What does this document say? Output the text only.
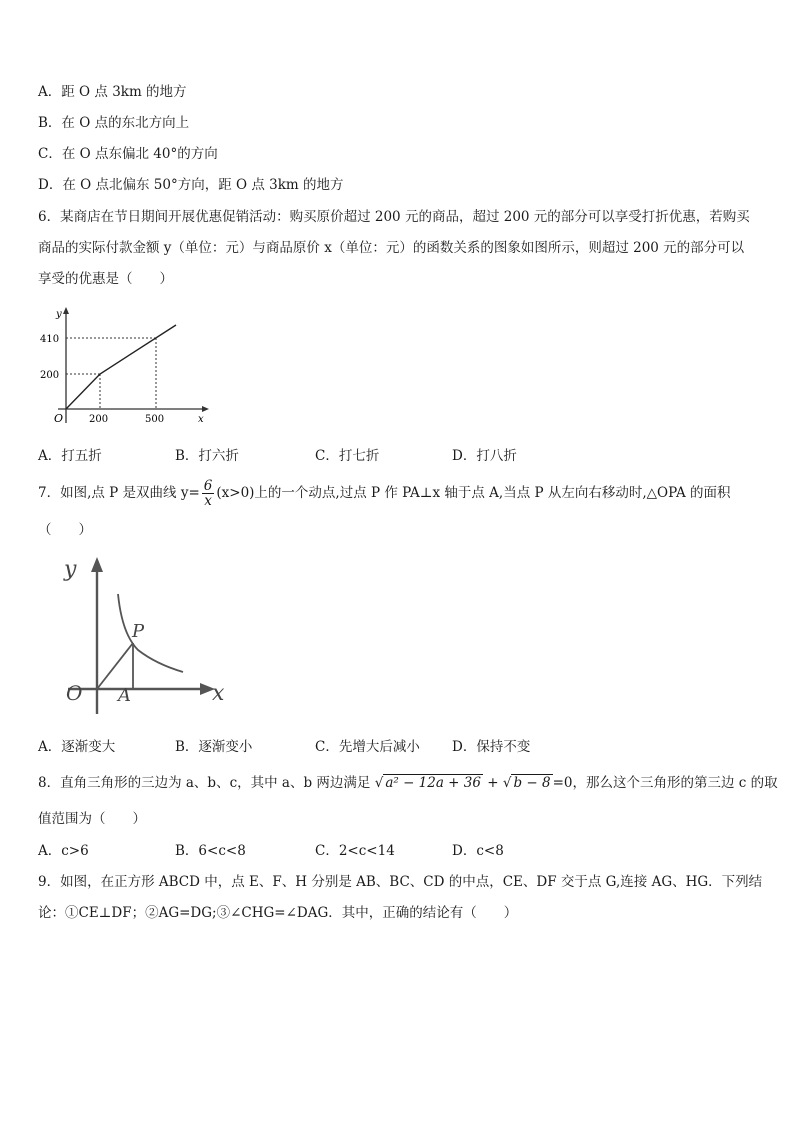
A．距 O 点 3km 的地方
B．在 O 点的东北方向上
C．在 O 点东偏北 40°的方向
D．在 O 点北偏东 50°方向，距 O 点 3km 的地方
6．某商店在节日期间开展优惠促销活动：购买原价超过 200 元的商品，超过 200 元的部分可以享受打折优惠，若购买
商品的实际付款金额 y（单位：元）与商品原价 x（单位：元）的函数关系的图象如图所示，则超过 200 元的部分可以
享受的优惠是（　　）
y
x
O
410
200
200	500
A．打五折	B．打六折	C．打七折	D．打八折
7．如图,点 P 是双曲线 $y= \frac{6}{x} (x>0)$上的一个动点,过点 P 作 PA⊥x 轴于点 A,当点 P 从左向右移动时,△OPA 的面积
（　　）
y
x
O A
P
A．逐渐变大	B．逐渐变小	C．先增大后减小 D．保持不变
8．直角三角形的三边为 a、b、c，其中 a、b 两边满足 √ a² − 12a + 36 + √ b − 8 =0，那么这个三角形的第三边 c 的取
值范围为（　　）
A．c>6	B．6<c<8	C．2<c<14	D．c<8
9．如图，在正方形 ABCD 中，点 E、F、H 分别是 AB、BC、CD 的中点，CE、DF 交于点 G,连接 AG、HG．下列结
论：①CE⊥DF；②AG=DG;③∠CHG=∠DAG．其中，正确的结论有（　　）
